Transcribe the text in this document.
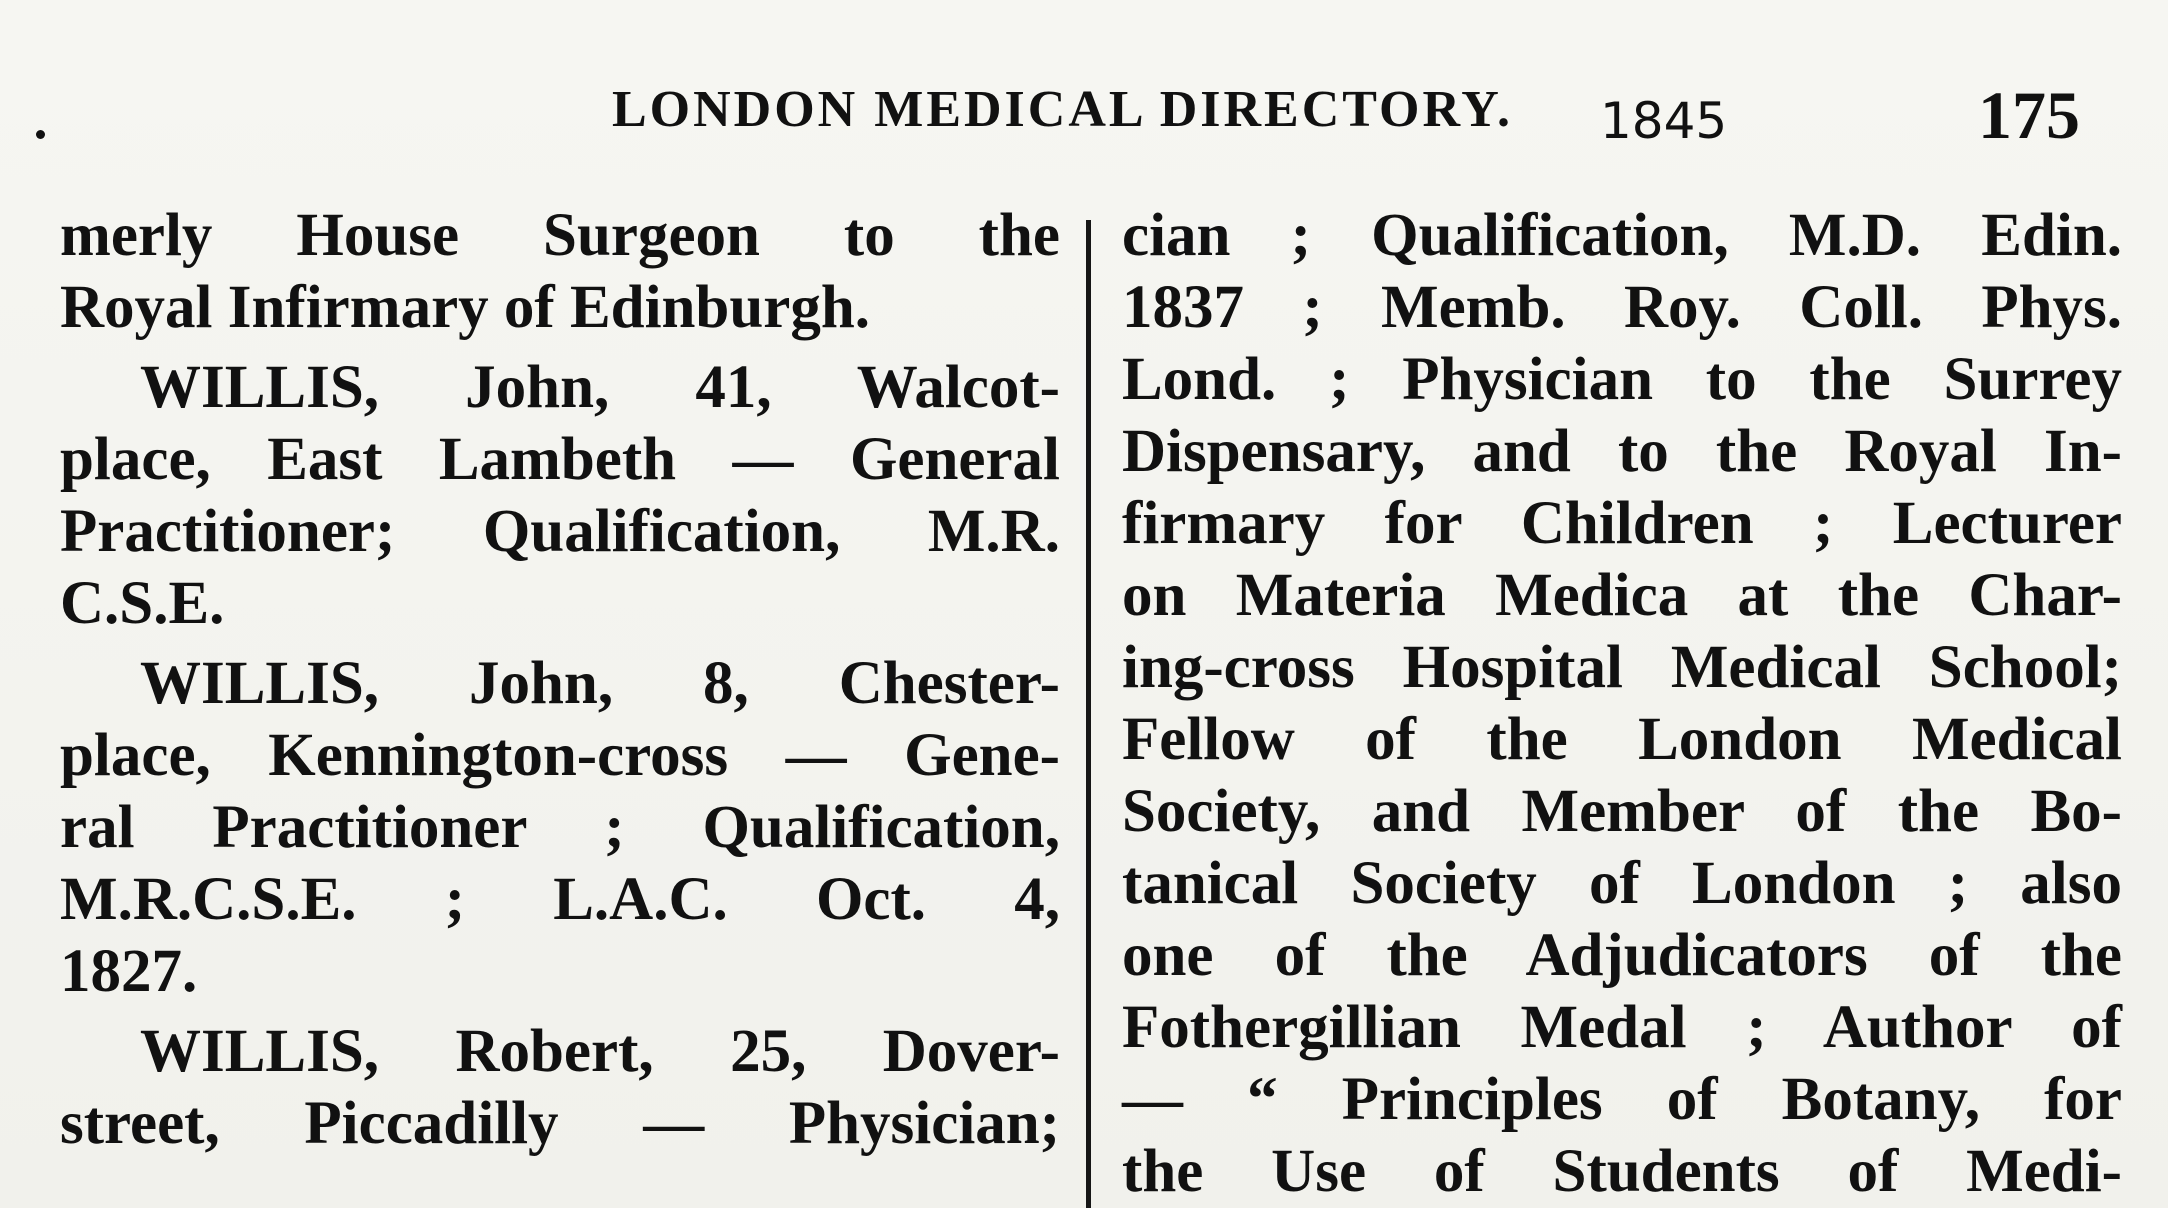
LONDON MEDICAL DIRECTORY. 1845	175
merly House Surgeon to the
Royal Infirmary of Edinburgh.
WILLIS, John, 41, Walcot-
place, East Lambeth — General
Practitioner; Qualification, M.R.
C.S.E.
WILLIS, John, 8, Chester-
place, Kennington-cross — Gene-
ral Practitioner ; Qualification,
M.R.C.S.E. ; L.A.C. Oct. 4,
1827.
WILLIS, Robert, 25, Dover-
street, Piccadilly — Physician;
cian ; Qualification, M.D. Edin.
1837 ; Memb. Roy. Coll. Phys.
Lond. ; Physician to the Surrey
Dispensary, and to the Royal In-
firmary for Children ; Lecturer
on Materia Medica at the Char-
ing-cross Hospital Medical School;
Fellow of the London Medical
Society, and Member of the Bo-
tanical Society of London ; also
one of the Adjudicators of the
Fothergillian Medal ; Author of
— “ Principles of Botany, for
the Use of Students of Medi-
